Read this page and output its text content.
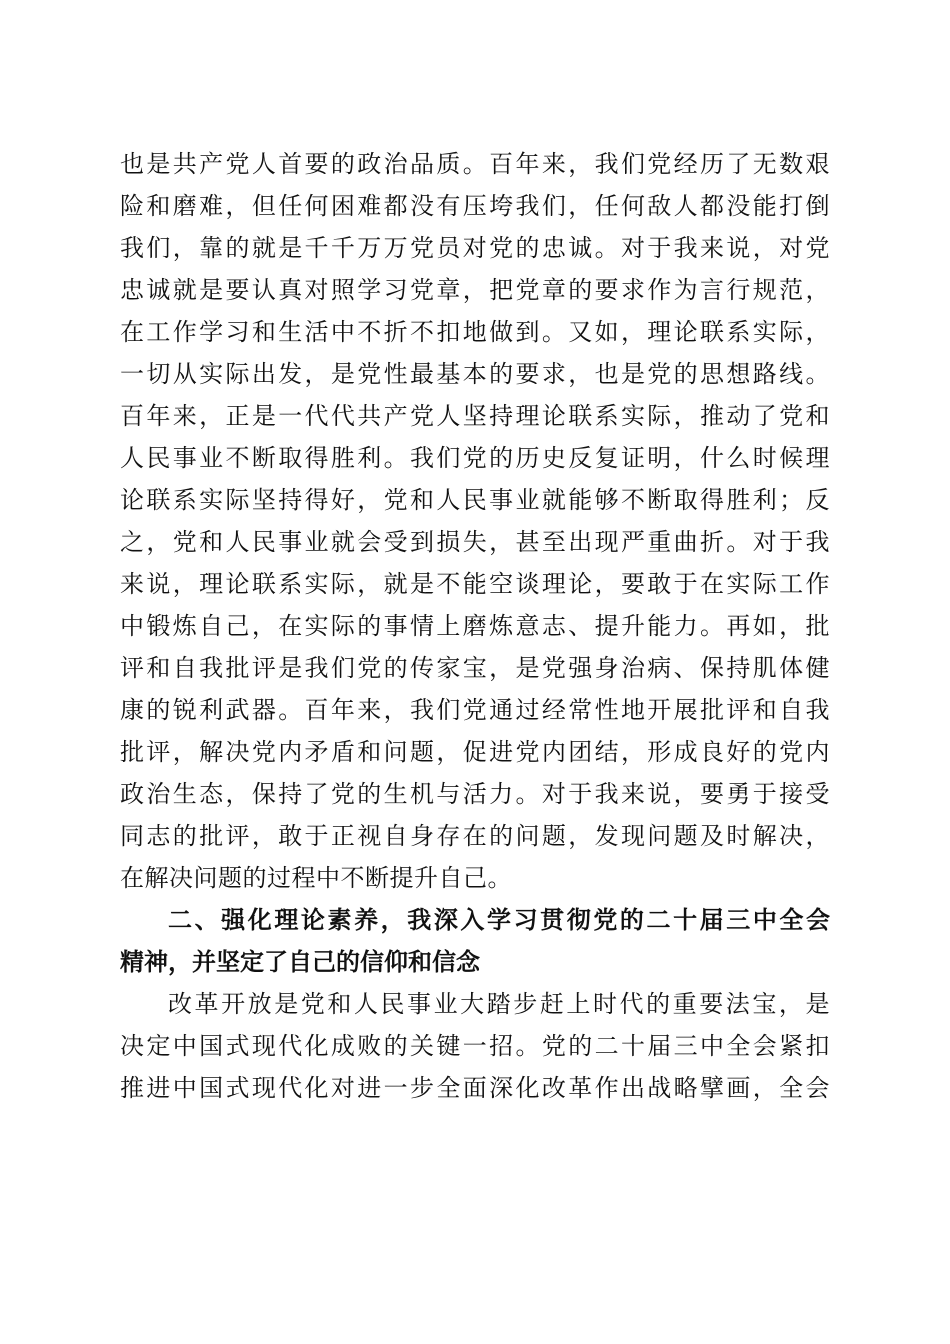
也是共产党人首要的政治品质。百年来，我们党经历了无数艰
险和磨难，但任何困难都没有压垮我们，任何敌人都没能打倒
我们，靠的就是千千万万党员对党的忠诚。对于我来说，对党
忠诚就是要认真对照学习党章，把党章的要求作为言行规范，
在工作学习和生活中不折不扣地做到。又如，理论联系实际，
一切从实际出发，是党性最基本的要求，也是党的思想路线。
百年来，正是一代代共产党人坚持理论联系实际，推动了党和
人民事业不断取得胜利。我们党的历史反复证明，什么时候理
论联系实际坚持得好，党和人民事业就能够不断取得胜利；反
之，党和人民事业就会受到损失，甚至出现严重曲折。对于我
来说，理论联系实际，就是不能空谈理论，要敢于在实际工作
中锻炼自己，在实际的事情上磨炼意志、提升能力。再如，批
评和自我批评是我们党的传家宝，是党强身治病、保持肌体健
康的锐利武器。百年来，我们党通过经常性地开展批评和自我
批评，解决党内矛盾和问题，促进党内团结，形成良好的党内
政治生态，保持了党的生机与活力。对于我来说，要勇于接受
同志的批评，敢于正视自身存在的问题，发现问题及时解决，
在解决问题的过程中不断提升自己。
二、强化理论素养，我深入学习贯彻党的二十届三中全会
精神，并坚定了自己的信仰和信念
改革开放是党和人民事业大踏步赶上时代的重要法宝，是
决定中国式现代化成败的关键一招。党的二十届三中全会紧扣
推进中国式现代化对进一步全面深化改革作出战略擘画，全会
